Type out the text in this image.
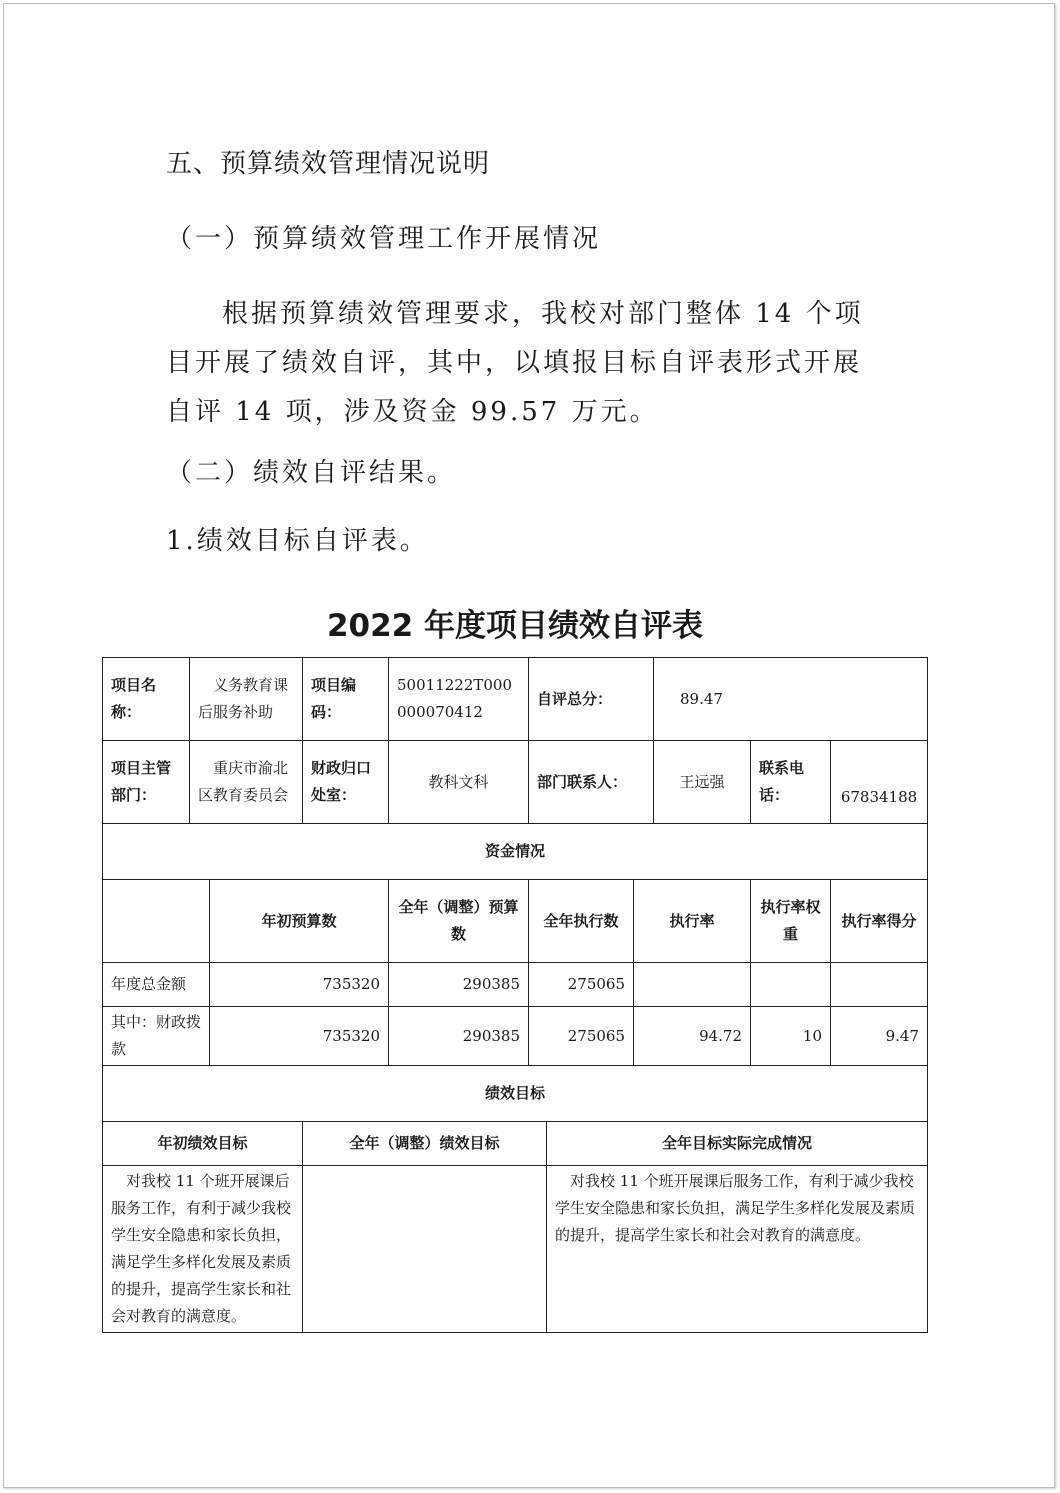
五、预算绩效管理情况说明
（一）预算绩效管理工作开展情况
根据预算绩效管理要求，我校对部门整体 14 个项目开展了绩效自评，其中，以填报目标自评表形式开展自评 14 项，涉及资金 99.57 万元。
（二）绩效自评结果。
1.绩效目标自评表。
2022 年度项目绩效自评表
项目名称：	义务教育课后服务补助		项目编码：	50011222T000000070412	自评总分：			89.47		
项目主管部门：	重庆市渝北区教育委员会		财政归口处室：	教科文科	部门联系人：			王远强	联系电话：	67834188
资金情况										
		年初预算数		全年（调整）预算数	全年执行数		执行率		执行率权重	执行率得分
年度总金额		735320		290385	275065					
其中：财政拨款		735320		290385	275065		94.72		10	9.47
绩效目标										
年初绩效目标			全年（调整）绩效目标			全年目标实际完成情况				
对我校 11 个班开展课后服务工作，有利于减少我校学生安全隐患和家长负担，满足学生多样化发展及素质的提升，提高学生家长和社会对教育的满意度。						对我校 11 个班开展课后服务工作，有利于减少我校学生安全隐患和家长负担，满足学生多样化发展及素质的提升，提高学生家长和社会对教育的满意度。				
